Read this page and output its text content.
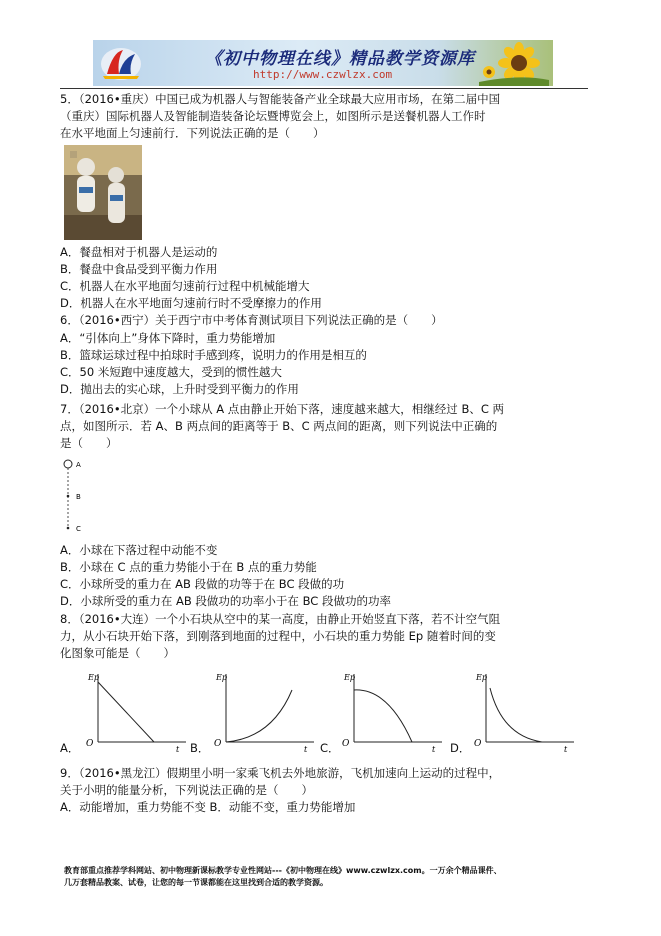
《初中物理在线》精品教学资源库
http://www.czwlzx.com
5．（2016•重庆）中国已成为机器人与智能装备产业全球最大应用市场，在第二届中国
（重庆）国际机器人及智能制造装备论坛暨博览会上，如图所示是送餐机器人工作时
在水平地面上匀速前行．下列说法正确的是（　　）
A．餐盘相对于机器人是运动的
B．餐盘中食品受到平衡力作用
C．机器人在水平地面匀速前行过程中机械能增大
D．机器人在水平地面匀速前行时不受摩擦力的作用
6．（2016•西宁）关于西宁市中考体育测试项目下列说法正确的是（　　）
A．“引体向上”身体下降时，重力势能增加
B．篮球运球过程中拍球时手感到疼，说明力的作用是相互的
C．50 米短跑中速度越大，受到的惯性越大
D．抛出去的实心球，上升时受到平衡力的作用
7．（2016•北京）一个小球从 A 点由静止开始下落，速度越来越大，相继经过 B、C 两
点，如图所示．若 A、B 两点间的距离等于 B、C 两点间的距离，则下列说法中正确的
是（　　）
A
B
C
A．小球在下落过程中动能不变
B．小球在 C 点的重力势能小于在 B 点的重力势能
C．小球所受的重力在 AB 段做的功等于在 BC 段做的功
D．小球所受的重力在 AB 段做功的功率小于在 BC 段做功的功率
8．（2016•大连）一个小石块从空中的某一高度，由静止开始竖直下落，若不计空气阻
力，从小石块开始下落，到刚落到地面的过程中，小石块的重力势能 Ep 随着时间的变
化图象可能是（　　）
A．
Ep
O
t B．
Ep
O
t C．
Ep
O
t D．
Ep
O
t
9．（2016•黑龙江）假期里小明一家乘飞机去外地旅游，飞机加速向上运动的过程中，
关于小明的能量分析，下列说法正确的是（　　）
A．动能增加，重力势能不变 B．动能不变，重力势能增加
教育部重点推荐学科网站、初中物理新课标教学专业性网站---《初中物理在线》www.czwlzx.com。一万余个精品课件、
几万套精品教案、试卷，让您的每一节课都能在这里找到合适的教学资源。
